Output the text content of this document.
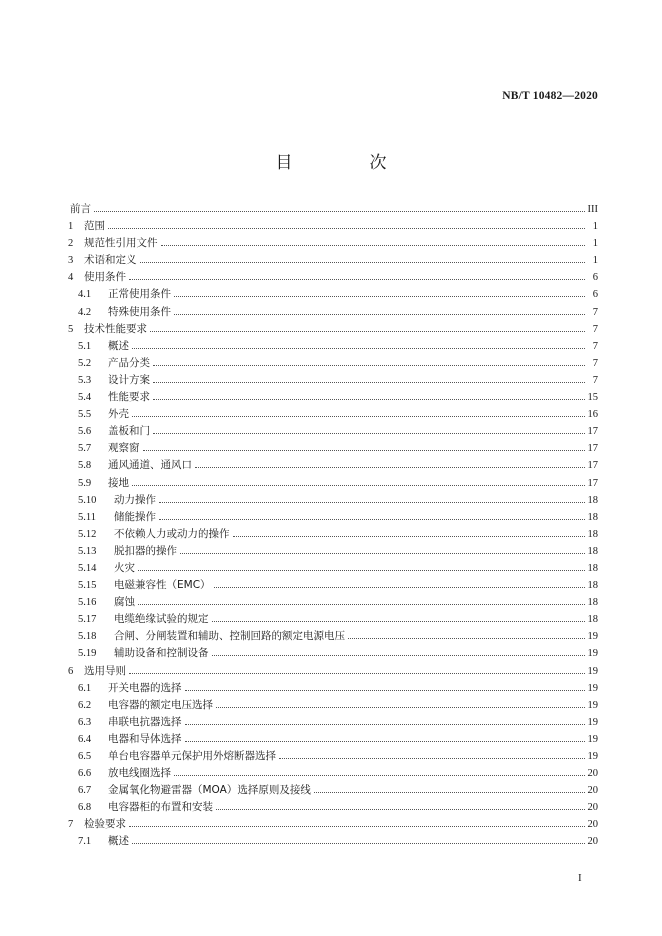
NB/T 10482—2020
目　次
前言	III
1	范围	1
2	规范性引用文件	1
3	术语和定义	1
4	使用条件	6
4.1	正常使用条件	6
4.2	特殊使用条件	7
5	技术性能要求	7
5.1	概述	7
5.2	产品分类	7
5.3	设计方案	7
5.4	性能要求	15
5.5	外壳	16
5.6	盖板和门	17
5.7	观察窗	17
5.8	通风通道、通风口	17
5.9	接地	17
5.10	动力操作	18
5.11	储能操作	18
5.12	不依赖人力或动力的操作	18
5.13	脱扣器的操作	18
5.14	火灾	18
5.15	电磁兼容性（EMC）	18
5.16	腐蚀	18
5.17	电缆绝缘试验的规定	18
5.18	合闸、分闸装置和辅助、控制回路的额定电源电压	19
5.19	辅助设备和控制设备	19
6	选用导则	19
6.1	开关电器的选择	19
6.2	电容器的额定电压选择	19
6.3	串联电抗器选择	19
6.4	电器和导体选择	19
6.5	单台电容器单元保护用外熔断器选择	19
6.6	放电线圈选择	20
6.7	金属氧化物避雷器（MOA）选择原则及接线	20
6.8	电容器柜的布置和安装	20
7	检验要求	20
7.1	概述	20
I
